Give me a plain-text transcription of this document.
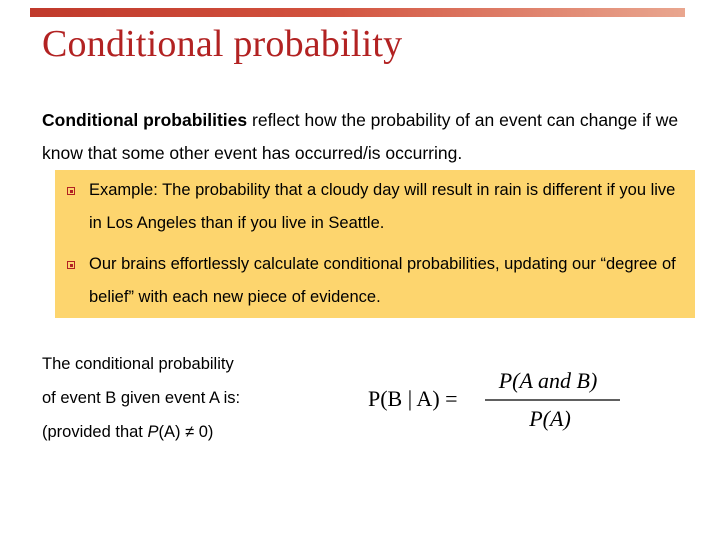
Conditional probability
Conditional probabilities reflect how the probability of an event can change if we know that some other event has occurred/is occurring.
Example: The probability that a cloudy day will result in rain is different if you live in Los Angeles than if you live in Seattle.
Our brains effortlessly calculate conditional probabilities, updating our “degree of belief” with each new piece of evidence.
The conditional probability
of event B given event A is:
(provided that P(A) ≠ 0)
P(B | A) =
P(A and B)
P(A)
